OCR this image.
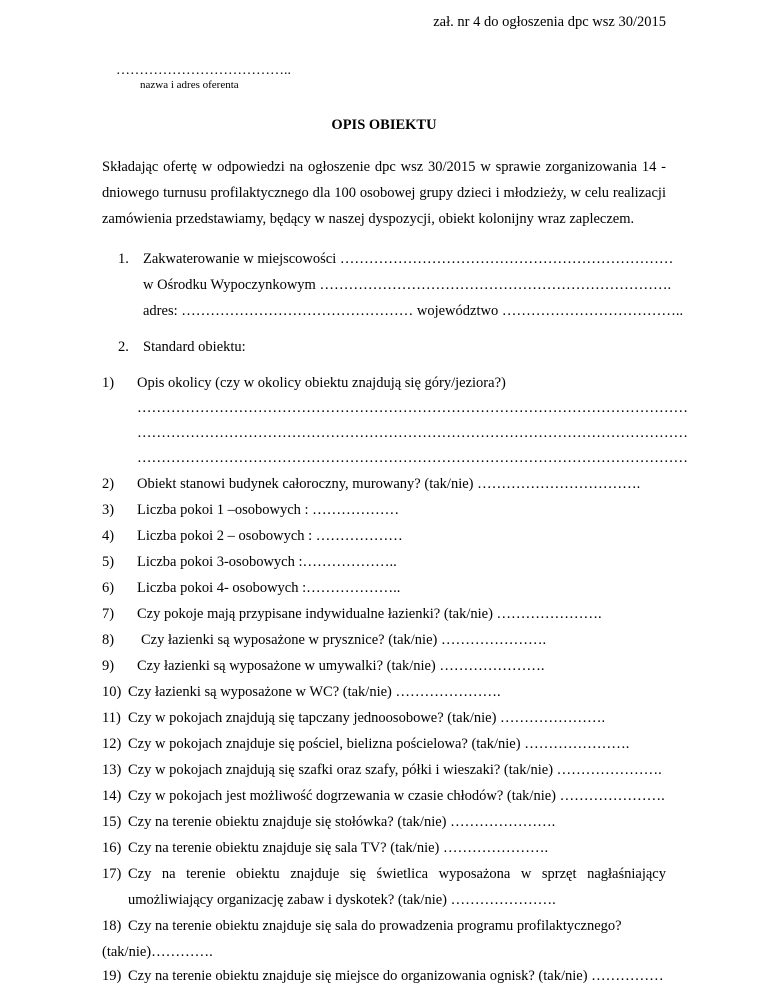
zał. nr 4 do ogłoszenia dpc wsz 30/2015
………………………………..
nazwa i adres oferenta
OPIS OBIEKTU
Składając ofertę w odpowiedzi na ogłoszenie dpc wsz 30/2015 w sprawie zorganizowania 14 -
dniowego turnusu profilaktycznego dla 100 osobowej grupy dzieci i młodzieży, w celu realizacji
zamówienia przedstawiamy, będący w naszej dyspozycji, obiekt kolonijny wraz zapleczem.
1. Zakwaterowanie w miejscowości ……………………………………………………………
w Ośrodku Wypoczynkowym ……………………………………………………………….
adres: ………………………………………… województwo ………………………………..
2. Standard obiektu:
1) Opis okolicy (czy w okolicy obiektu znajdują się góry/jeziora?)
……………………………………………………………………………………………………
……………………………………………………………………………………………………
……………………………………………………………………………………………………
2) Obiekt stanowi budynek całoroczny, murowany? (tak/nie) …………………………….
3) Liczba pokoi 1 –osobowych : ………………
4) Liczba pokoi 2 – osobowych : ………………
5) Liczba pokoi 3-osobowych :………………..
6) Liczba pokoi 4- osobowych :………………..
7) Czy pokoje mają przypisane indywidualne łazienki? (tak/nie) ………………….
8) Czy łazienki są wyposażone w prysznice? (tak/nie) ………………….
9) Czy łazienki są wyposażone w umywalki? (tak/nie) ………………….
10) Czy łazienki są wyposażone w WC? (tak/nie) ………………….
11) Czy w pokojach znajdują się tapczany jednoosobowe? (tak/nie) ………………….
12) Czy w pokojach znajduje się pościel, bielizna pościelowa? (tak/nie) ………………….
13) Czy w pokojach znajdują się szafki oraz szafy, półki i wieszaki? (tak/nie) ………………….
14) Czy w pokojach jest możliwość dogrzewania w czasie chłodów? (tak/nie) ………………….
15) Czy na terenie obiektu znajduje się stołówka? (tak/nie) ………………….
16) Czy na terenie obiektu znajduje się sala TV? (tak/nie) ………………….
17) Czy na terenie obiektu znajduje się świetlica wyposażona w sprzęt nagłaśniający
umożliwiający organizację zabaw i dyskotek? (tak/nie) ………………….
18) Czy na terenie obiektu znajduje się sala do prowadzenia programu profilaktycznego?
(tak/nie)………….
19) Czy na terenie obiektu znajduje się miejsce do organizowania ognisk? (tak/nie) ……………
